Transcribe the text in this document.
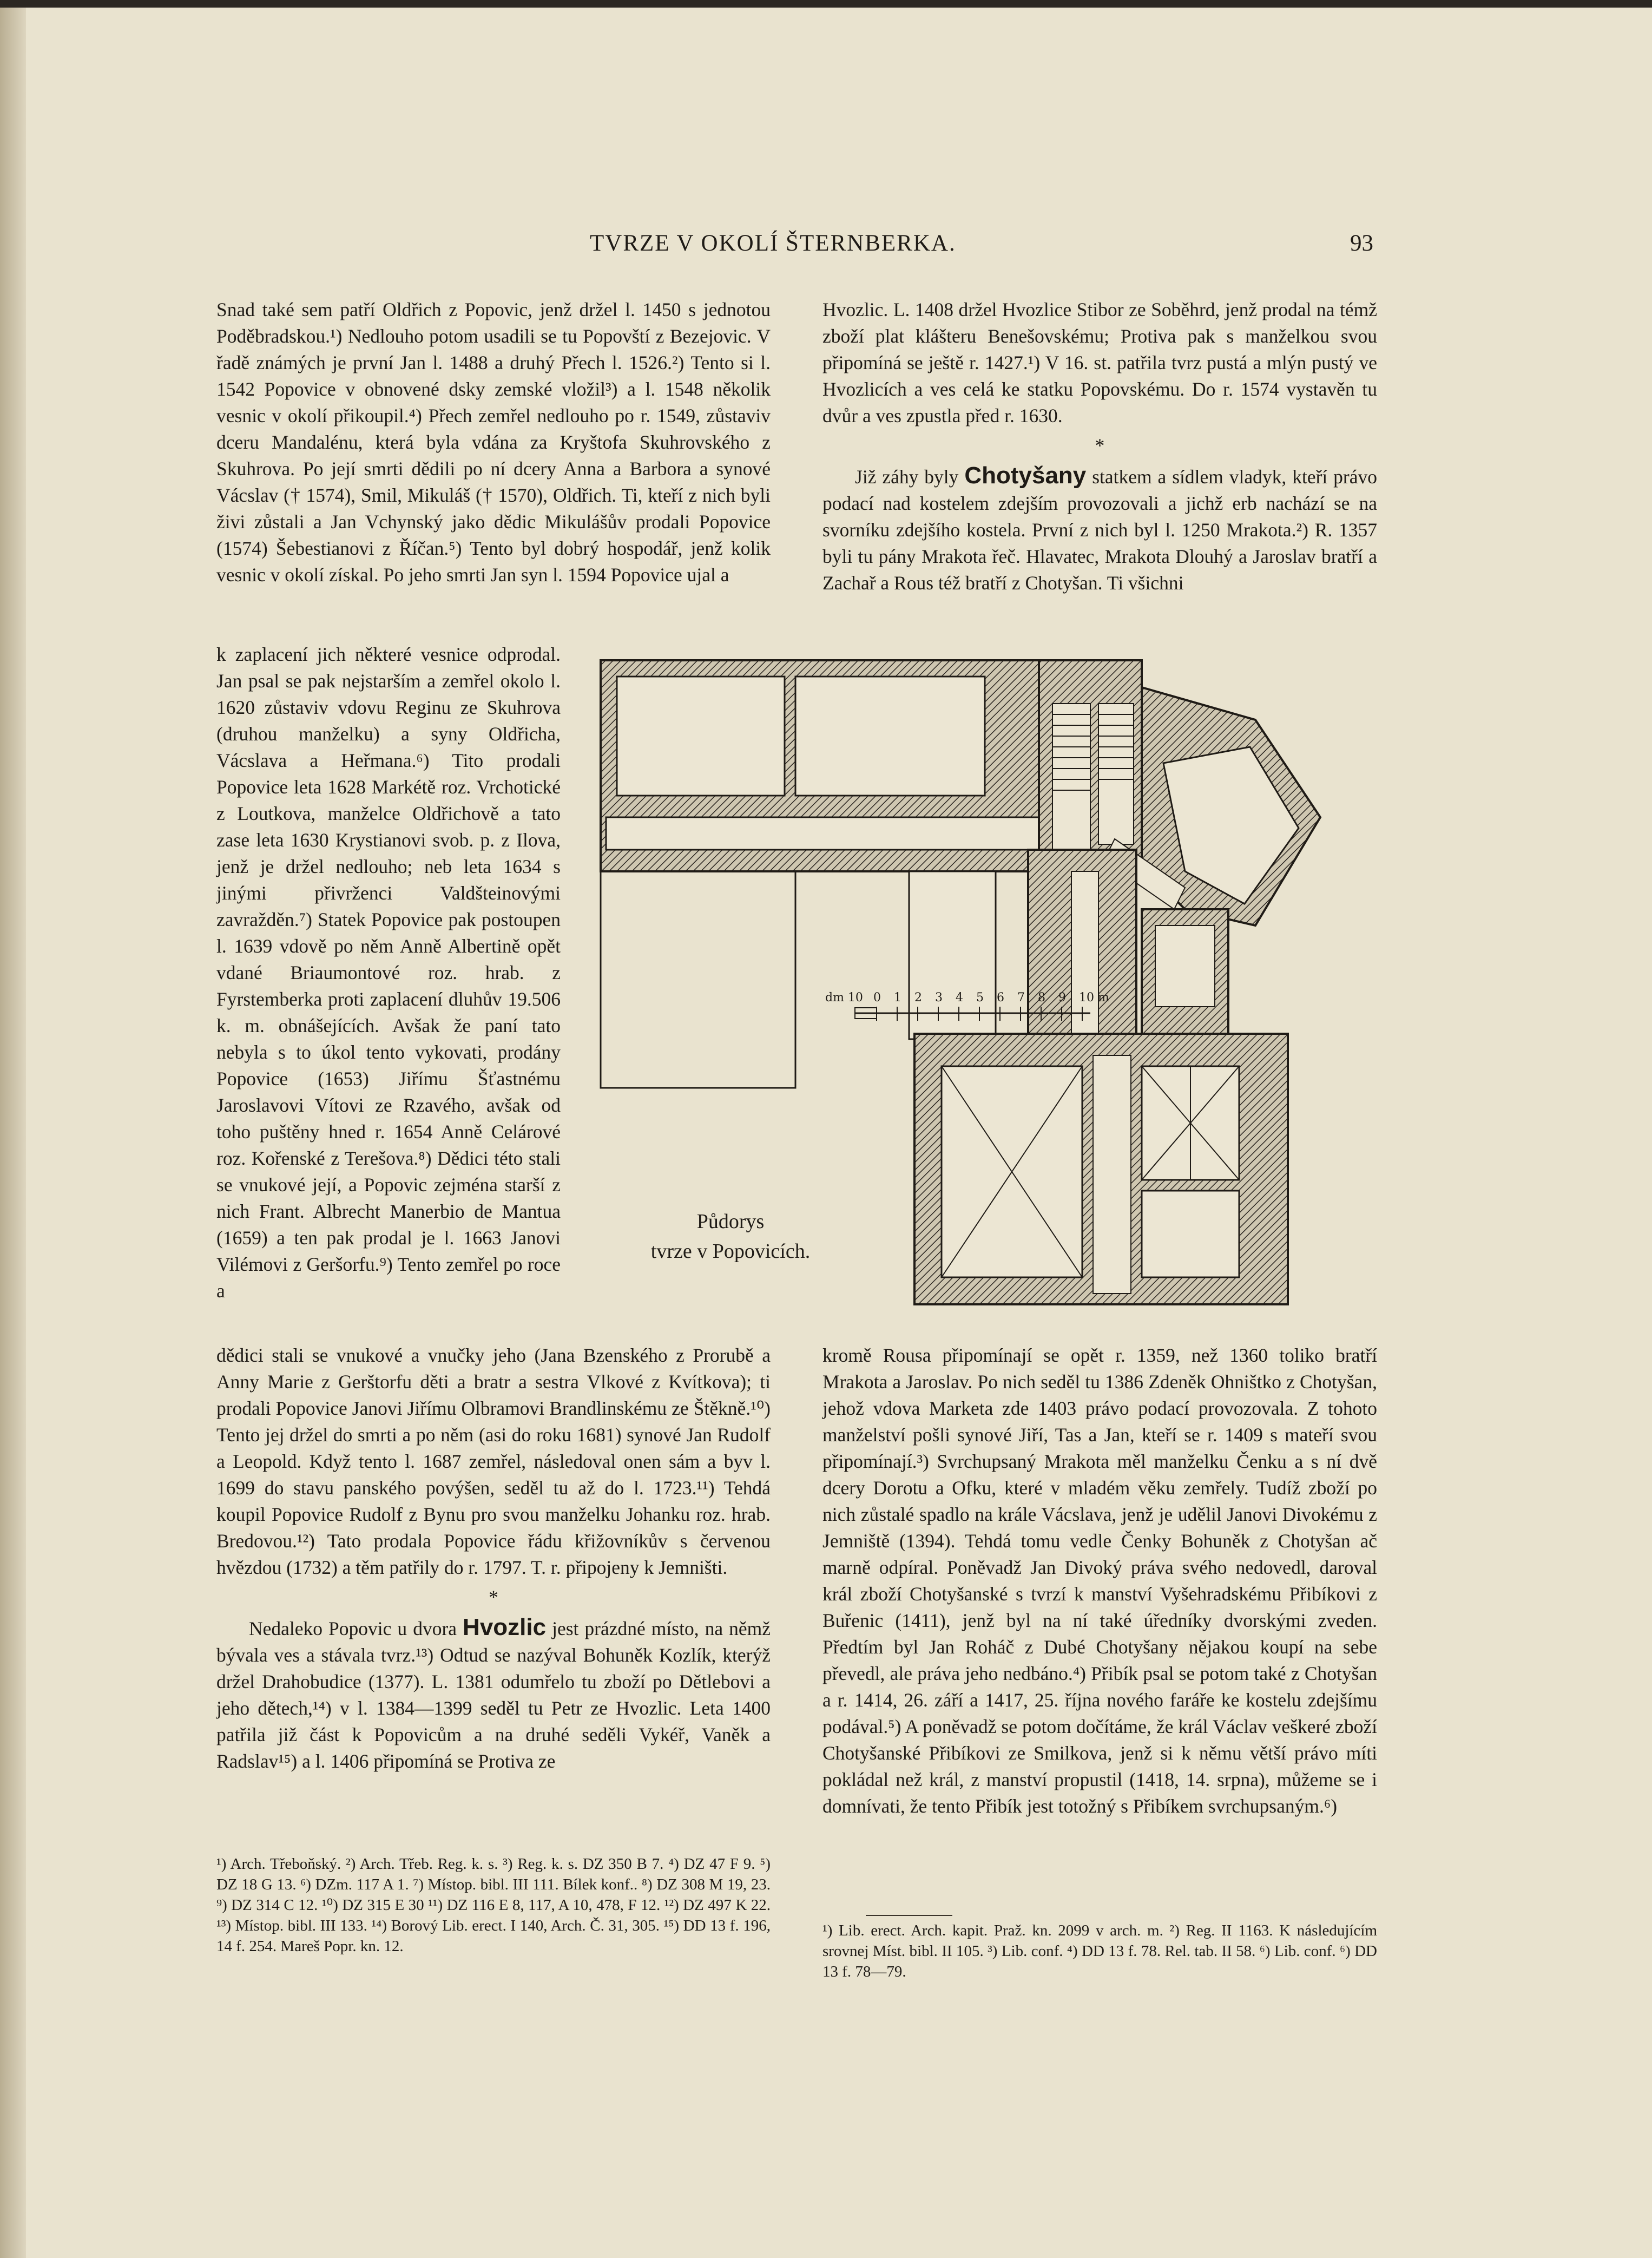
TVRZE V OKOLÍ ŠTERNBERKA.	93

Snad také sem patří Oldřich z Popovic, jenž držel l. 1450 s jednotou Poděbradskou.¹) Nedlouho potom usadili se tu Popovští z Bezejovic. V řadě známých je první Jan l. 1488 a druhý Přech l. 1526.²) Tento si l. 1542 Popovice v obnovené dsky zemské vložil³) a l. 1548 několik vesnic v okolí přikoupil.⁴) Přech zemřel nedlouho po r. 1549, zůstaviv dceru Mandalénu, která byla vdána za Kryštofa Skuhrovského z Skuhrova. Po její smrti dědili po ní dcery Anna a Barbora a synové Vácslav († 1574), Smil, Mikuláš († 1570), Oldřich. Ti, kteří z nich byli živi zůstali a Jan Vchynský jako dědic Mikulášův prodali Popovice (1574) Šebestianovi z Říčan.⁵) Tento byl dobrý hospodář, jenž kolik vesnic v okolí získal. Po jeho smrti Jan syn l. 1594 Popovice ujal a

k zaplacení jich některé vesnice odprodal. Jan psal se pak nejstarším a zemřel okolo l. 1620 zůstaviv vdovu Reginu ze Skuhrova (druhou manželku) a syny Oldřicha, Vácslava a Heřmana.⁶) Tito prodali Popovice leta 1628 Markétě roz. Vrchotické z Loutkova, manželce Oldřichově a tato zase leta 1630 Krystianovi svob. p. z Ilova, jenž je držel nedlouho; neb leta 1634 s jinými přivrženci Valdšteinovými zavražděn.⁷) Statek Popovice pak postoupen l. 1639 vdově po něm Anně Albertině opět vdané Briaumontové roz. hrab. z Fyrstemberka proti zaplacení dluhův 19.506 k. m. obnášejících. Avšak že paní tato nebyla s to úkol tento vykovati, prodány Popovice (1653) Jiřímu Šťastnému Jaroslavovi Vítovi ze Rzavého, avšak od toho puštěny hned r. 1654 Anně Celárové roz. Kořenské z Terešova.⁸) Dědici této stali se vnukové její, a Popovic zejména starší z nich Frant. Albrecht Manerbio de Mantua (1659) a ten pak prodal je l. 1663 Janovi Vilémovi z Geršorfu.⁹) Tento zemřel po roce a

dědici stali se vnukové a vnučky jeho (Jana Bzenského z Prorubě a Anny Marie z Gerštorfu děti a bratr a sestra Vlkové z Kvítkova); ti prodali Popovice Janovi Jiřímu Olbramovi Brandlinskému ze Štěkně.¹⁰) Tento jej držel do smrti a po něm (asi do roku 1681) synové Jan Rudolf a Leopold. Když tento l. 1687 zemřel, následoval onen sám a byv l. 1699 do stavu panského povýšen, seděl tu až do l. 1723.¹¹) Tehdá koupil Popovice Rudolf z Bynu pro svou manželku Johanku roz. hrab. Bredovou.¹²) Tato prodala Popovice řádu křižovníkův s červenou hvězdou (1732) a těm patřily do r. 1797. T. r. připojeny k Jemništi.

*

Nedaleko Popovic u dvora Hvozlic jest prázdné místo, na němž bývala ves a stávala tvrz.¹³) Odtud se nazýval Bohuněk Kozlík, kterýž držel Drahobudice (1377). L. 1381 odumřelo tu zboží po Dětlebovi a jeho dětech,¹⁴) v l. 1384—1399 seděl tu Petr ze Hvozlic. Leta 1400 patřila již část k Popovicům a na druhé seděli Vykéř, Vaněk a Radslav¹⁵) a l. 1406 připomíná se Protiva ze

¹) Arch. Třeboňský. ²) Arch. Třeb. Reg. k. s. ³) Reg. k. s. DZ 350 B 7. ⁴) DZ 47 F 9. ⁵) DZ 18 G 13. ⁶) DZm. 117 A 1. ⁷) Místop. bibl. III 111. Bílek konf.. ⁸) DZ 308 M 19, 23. ⁹) DZ 314 C 12. ¹⁰) DZ 315 E 30 ¹¹) DZ 116 E 8, 117, A 10, 478, F 12. ¹²) DZ 497 K 22. ¹³) Místop. bibl. III 133. ¹⁴) Borový Lib. erect. I 140, Arch. Č. 31, 305. ¹⁵) DD 13 f. 196, 14 f. 254. Mareš Popr. kn. 12.

Hvozlic. L. 1408 držel Hvozlice Stibor ze Soběhrd, jenž prodal na témž zboží plat klášteru Benešovskému; Protiva pak s manželkou svou připomíná se ještě r. 1427.¹) V 16. st. patřila tvrz pustá a mlýn pustý ve Hvozlicích a ves celá ke statku Popovskému. Do r. 1574 vystavěn tu dvůr a ves zpustla před r. 1630.

*

Již záhy byly Chotyšany statkem a sídlem vladyk, kteří právo podací nad kostelem zdejším provozovali a jichž erb nachází se na svorníku zdejšího kostela. První z nich byl l. 1250 Mrakota.²) R. 1357 byli tu pány Mrakota řeč. Hlavatec, Mrakota Dlouhý a Jaroslav bratří a Zachař a Rous též bratří z Chotyšan. Ti všichni

kromě Rousa připomínají se opět r. 1359, než 1360 toliko bratří Mrakota a Jaroslav. Po nich seděl tu 1386 Zdeněk Ohništko z Chotyšan, jehož vdova Marketa zde 1403 právo podací provozovala. Z tohoto manželství pošli synové Jiří, Tas a Jan, kteří se r. 1409 s mateří svou připomínají.³) Svrchupsaný Mrakota měl manželku Čenku a s ní dvě dcery Dorotu a Ofku, které v mladém věku zemřely. Tudíž zboží po nich zůstalé spadlo na krále Vácslava, jenž je udělil Janovi Divokému z Jemniště (1394). Tehdá tomu vedle Čenky Bohuněk z Chotyšan ač marně odpíral. Poněvadž Jan Divoký práva svého nedovedl, daroval král zboží Chotyšanské s tvrzí k manství Vyšehradskému Přibíkovi z Buřenic (1411), jenž byl na ní také úředníky dvorskými zveden. Předtím byl Jan Roháč z Dubé Chotyšany nějakou koupí na sebe převedl, ale práva jeho nedbáno.⁴) Přibík psal se potom také z Chotyšan a r. 1414, 26. září a 1417, 25. října nového faráře ke kostelu zdejšímu podával.⁵) A poněvadž se potom dočítáme, že král Václav veškeré zboží Chotyšanské Přibíkovi ze Smilkova, jenž si k němu větší právo míti pokládal než král, z manství propustil (1418, 14. srpna), můžeme se i domnívati, že tento Přibík jest totožný s Přibíkem svrchupsaným.⁶)

¹) Lib. erect. Arch. kapit. Praž. kn. 2099 v arch. m. ²) Reg. II 1163. K následujícím srovnej Míst. bibl. II 105. ³) Lib. conf. ⁴) DD 13 f. 78. Rel. tab. II 58. ⁶) Lib. conf. ⁶) DD 13 f. 78—79.
dm 10 0 1 2 3 4 5 6 7 8 9 10 m
Půdorys
tvrze v Popovicích.
